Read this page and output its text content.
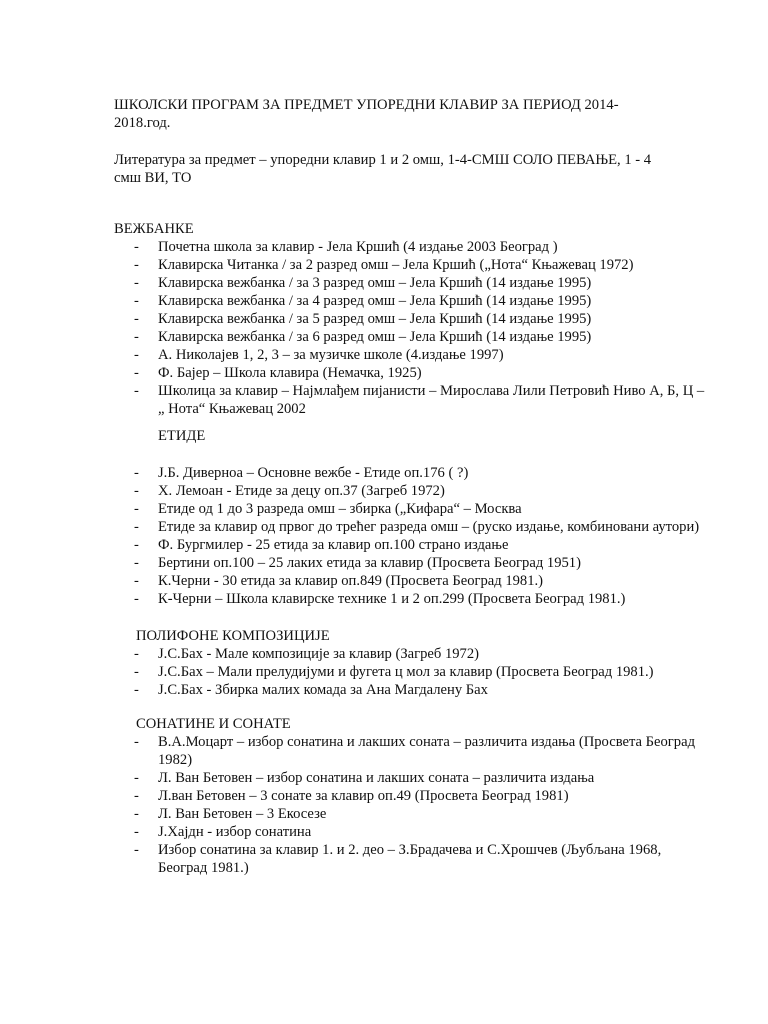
ШКОЛСКИ ПРОГРАМ ЗА ПРЕДМЕТ УПОРЕДНИ КЛАВИР ЗА ПЕРИОД 2014-2018.год.
Литература за предмет – упоредни клавир 1 и 2 омш, 1-4-СМШ СОЛО ПЕВАЊЕ, 1 - 4 смш ВИ, ТО
ВЕЖБАНКЕ
- Почетна школа за клавир - Јела Кршић (4 издање 2003 Београд )
- Клавирска Читанка / за 2 разред омш – Јела Кршић („Нота“ Књажевац 1972)
- Клавирска вежбанка / за 3 разред омш – Јела Кршић (14 издање 1995)
- Клавирска вежбанка / за 4 разред омш – Јела Кршић (14 издање 1995)
- Клавирска вежбанка / за 5 разред омш – Јела Кршић (14 издање 1995)
- Клавирска вежбанка / за 6 разред омш – Јела Кршић (14 издање 1995)
- А. Николајев 1, 2, 3 – за музичке школе (4.издање 1997)
- Ф. Бајер – Школа клавира (Немачка, 1925)
- Школица за клавир – Најмлађем пијанисти – Мирослава Лили Петровић Ниво А, Б, Ц – „ Нота“ Књажевац 2002
ЕТИДЕ
- Ј.Б. Диверноа – Основне вежбе - Етиде оп.176 ( ?)
- Х. Лемоан - Етиде за децу оп.37 (Загреб 1972)
- Етиде од 1 до 3 разреда омш – збирка („Кифара“ – Москва
- Етиде за клавир од првог до трећег разреда омш – (руско издање, комбиновани аутори)
- Ф. Бургмилер - 25 етида за клавир оп.100 страно издање
- Бертини оп.100 – 25 лаких етида за клавир (Просвета Београд 1951)
- К.Черни - 30 етида за клавир оп.849 (Просвета Београд 1981.)
- К-Черни – Школа клавирске технике 1 и 2 оп.299 (Просвета Београд 1981.)
ПОЛИФОНЕ КОМПОЗИЦИЈЕ
- Ј.С.Бах - Мале композиције за клавир (Загреб 1972)
- Ј.С.Бах – Мали прелудијуми и фугета ц мол за клавир (Просвета Београд 1981.)
- Ј.С.Бах - Збирка малих комада за Ана Магдалену Бах
СОНАТИНЕ И СОНАТЕ
- В.А.Моцарт – избор сонатина и лакших соната – различита издања (Просвета Београд 1982)
- Л. Ван Бетовен – избор сонатина и лакших соната – различита издања
- Л.ван Бетовен – 3 сонате за клавир оп.49 (Просвета Београд 1981)
- Л. Ван Бетовен – 3 Екосезе
- Ј.Хајдн - избор сонатина
- Избор сонатина за клавир 1. и 2. део – З.Брадачева и С.Хрошчев (Љубљана 1968, Београд 1981.)
